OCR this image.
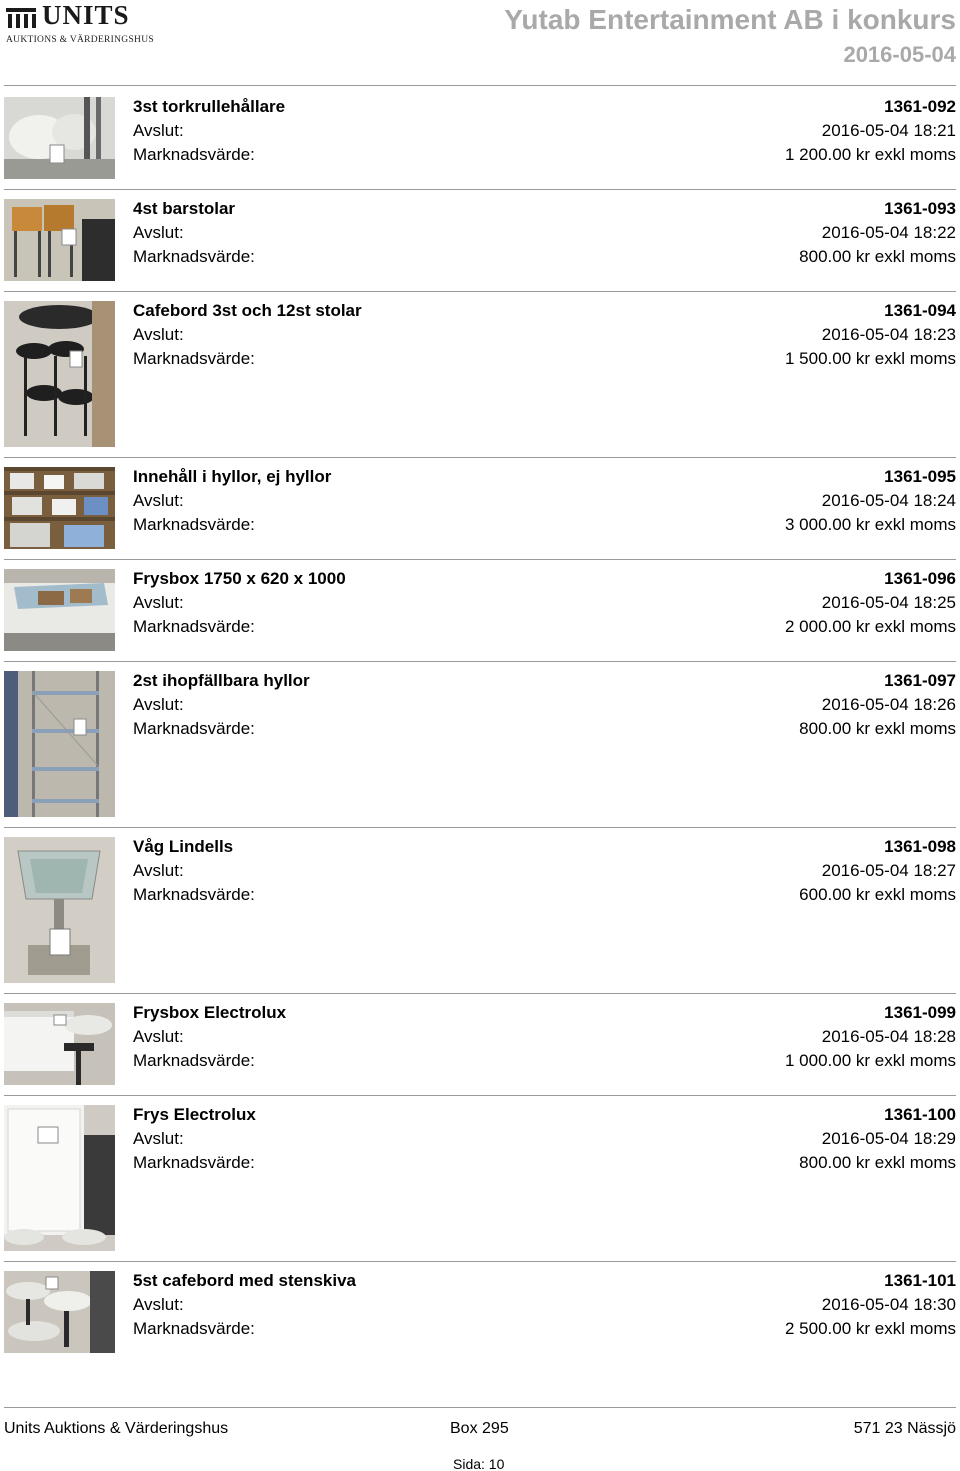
UNITS
AUKTIONS & VÄRDERINGSHUS
Yutab Entertainment AB i konkurs
2016-05-04
3st torkrullehållare	1361-092
Avslut:	2016-05-04 18:21
Marknadsvärde:	1 200.00 kr exkl moms
4st barstolar	1361-093
Avslut:	2016-05-04 18:22
Marknadsvärde:	800.00 kr exkl moms
Cafebord 3st och 12st stolar	1361-094
Avslut:	2016-05-04 18:23
Marknadsvärde:	1 500.00 kr exkl moms
Innehåll i hyllor, ej hyllor	1361-095
Avslut:	2016-05-04 18:24
Marknadsvärde:	3 000.00 kr exkl moms
Frysbox 1750 x 620 x 1000	1361-096
Avslut:	2016-05-04 18:25
Marknadsvärde:	2 000.00 kr exkl moms
2st ihopfällbara hyllor	1361-097
Avslut:	2016-05-04 18:26
Marknadsvärde:	800.00 kr exkl moms
Våg Lindells	1361-098
Avslut:	2016-05-04 18:27
Marknadsvärde:	600.00 kr exkl moms
Frysbox Electrolux	1361-099
Avslut:	2016-05-04 18:28
Marknadsvärde:	1 000.00 kr exkl moms
Frys Electrolux	1361-100
Avslut:	2016-05-04 18:29
Marknadsvärde:	800.00 kr exkl moms
5st cafebord med stenskiva	1361-101
Avslut:	2016-05-04 18:30
Marknadsvärde:	2 500.00 kr exkl moms
Units Auktions & Värderingshus	Box 295	571 23 Nässjö
Sida: 10
